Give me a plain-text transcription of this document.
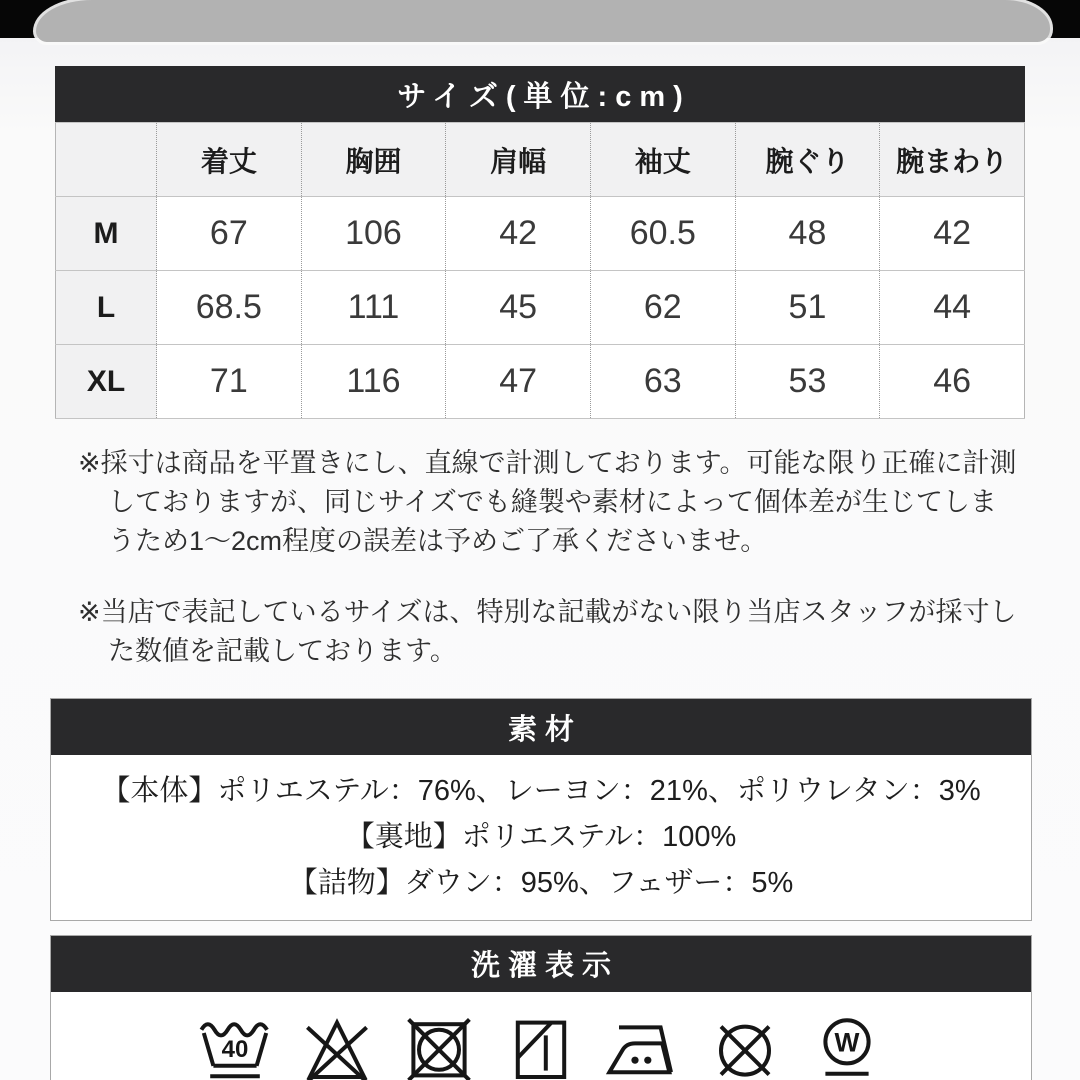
サイズ(単位:cm)
	着丈	胸囲	肩幅	袖丈	腕ぐり	腕まわり
M	67	106	42	60.5	48	42
L	68.5	111	45	62	51	44
XL	71	116	47	63	53	46

※採寸は商品を平置きにし、直線で計測しております。可能な限り正確に計測しておりますが、同じサイズでも縫製や素材によって個体差が生じてしまうため1〜2cm程度の誤差は予めご了承くださいませ。

※当店で表記しているサイズは、特別な記載がない限り当店スタッフが採寸した数値を記載しております。

素材
【本体】ポリエステル：76%、レーヨン：21%、ポリウレタン：3%
【裏地】ポリエステル：100%
【詰物】ダウン：95%、フェザー：5%
洗濯表示
40	W
